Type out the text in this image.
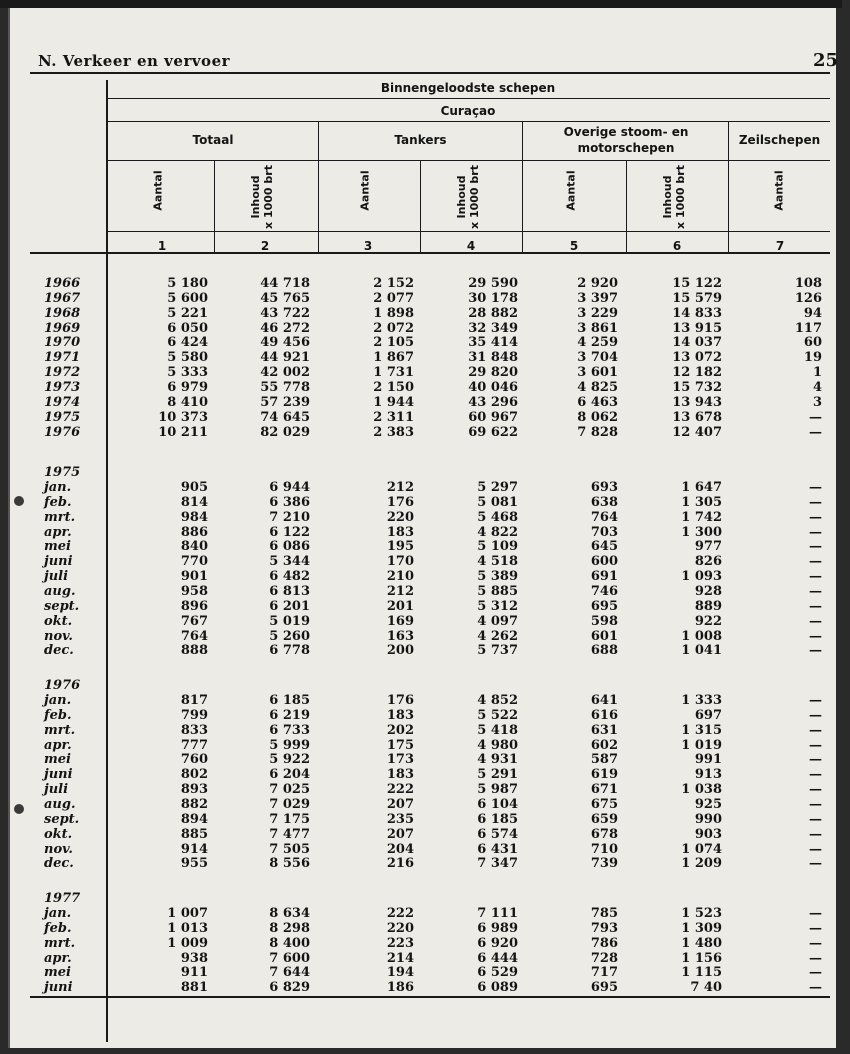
N. Verkeer en vervoer	25
Binnengeloodste schepen
Curaçao
Totaal	Tankers
Overige stoom- en motorschepen
Zeilschepen
Aantal	Inhoud
x 1000 brt	Aantal	Inhoud
x 1000 brt	Aantal	Inhoud
x 1000 brt	Aantal
1	2	3	4	5	6	7
1966	5 180	44 718	2 152	29 590	2 920	15 122	108
1967	5 600	45 765	2 077	30 178	3 397	15 579	126
1968	5 221	43 722	1 898	28 882	3 229	14 833	94
1969	6 050	46 272	2 072	32 349	3 861	13 915	117
1970	6 424	49 456	2 105	35 414	4 259	14 037	60
1971	5 580	44 921	1 867	31 848	3 704	13 072	19
1972	5 333	42 002	1 731	29 820	3 601	12 182	1
1973	6 979	55 778	2 150	40 046	4 825	15 732	4
1974	8 410	57 239	1 944	43 296	6 463	13 943	3
1975	10 373	74 645	2 311	60 967	8 062	13 678	—
1976	10 211	82 029	2 383	69 622	7 828	12 407	—
1975
jan.	905	6 944	212	5 297	693	1 647	—
feb.	814	6 386	176	5 081	638	1 305	—
mrt.	984	7 210	220	5 468	764	1 742	—
apr.	886	6 122	183	4 822	703	1 300	—
mei	840	6 086	195	5 109	645	977	—
juni	770	5 344	170	4 518	600	826	—
juli	901	6 482	210	5 389	691	1 093	—
aug.	958	6 813	212	5 885	746	928	—
sept.	896	6 201	201	5 312	695	889	—
okt.	767	5 019	169	4 097	598	922	—
nov.	764	5 260	163	4 262	601	1 008	—
dec.	888	6 778	200	5 737	688	1 041	—
1976
jan.	817	6 185	176	4 852	641	1 333	—
feb.	799	6 219	183	5 522	616	697	—
mrt.	833	6 733	202	5 418	631	1 315	—
apr.	777	5 999	175	4 980	602	1 019	—
mei	760	5 922	173	4 931	587	991	—
juni	802	6 204	183	5 291	619	913	—
juli	893	7 025	222	5 987	671	1 038	—
aug.	882	7 029	207	6 104	675	925	—
sept.	894	7 175	235	6 185	659	990	—
okt.	885	7 477	207	6 574	678	903	—
nov.	914	7 505	204	6 431	710	1 074	—
dec.	955	8 556	216	7 347	739	1 209	—
1977
jan.	1 007	8 634	222	7 111	785	1 523	—
feb.	1 013	8 298	220	6 989	793	1 309	—
mrt.	1 009	8 400	223	6 920	786	1 480	—
apr.	938	7 600	214	6 444	728	1 156	—
mei	911	7 644	194	6 529	717	1 115	—
juni	881	6 829	186	6 089	695	7 40	—
